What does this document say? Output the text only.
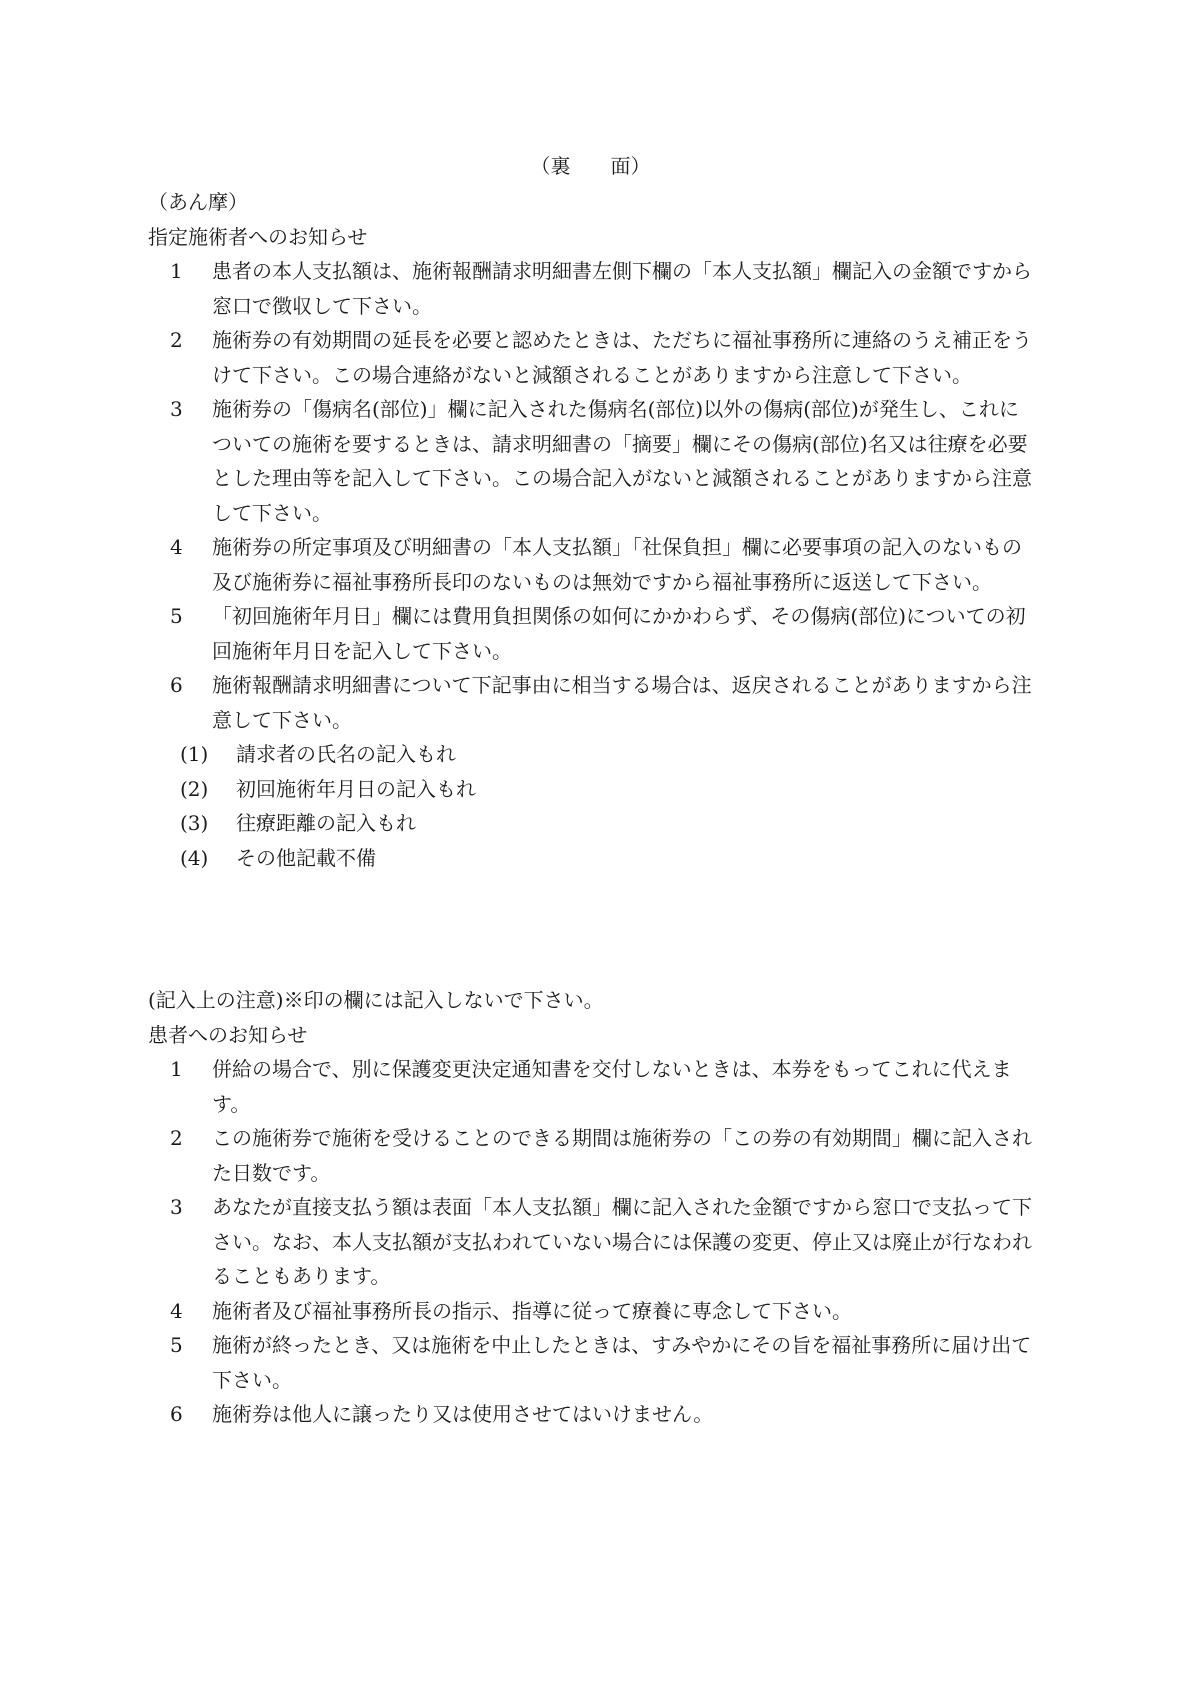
（裏　　面）
（あん摩）
指定施術者へのお知らせ
1	患者の本人支払額は、施術報酬請求明細書左側下欄の「本人支払額」欄記入の金額ですから窓口で徴収して下さい。
2	施術券の有効期間の延長を必要と認めたときは、ただちに福祉事務所に連絡のうえ補正をうけて下さい。この場合連絡がないと減額されることがありますから注意して下さい。
3	施術券の「傷病名(部位)」欄に記入された傷病名(部位)以外の傷病(部位)が発生し、これについての施術を要するときは、請求明細書の「摘要」欄にその傷病(部位)名又は往療を必要とした理由等を記入して下さい。この場合記入がないと減額されることがありますから注意して下さい。
4	施術券の所定事項及び明細書の「本人支払額」「社保負担」欄に必要事項の記入のないもの及び施術券に福祉事務所長印のないものは無効ですから福祉事務所に返送して下さい。
5	「初回施術年月日」欄には費用負担関係の如何にかかわらず、その傷病(部位)についての初回施術年月日を記入して下さい。
6	施術報酬請求明細書について下記事由に相当する場合は、返戻されることがありますから注意して下さい。
(1) 請求者の氏名の記入もれ
(2) 初回施術年月日の記入もれ
(3) 往療距離の記入もれ
(4) その他記載不備
(記入上の注意)※印の欄には記入しないで下さい。
患者へのお知らせ
1	併給の場合で、別に保護変更決定通知書を交付しないときは、本券をもってこれに代えます。
2	この施術券で施術を受けることのできる期間は施術券の「この券の有効期間」欄に記入された日数です。
3	あなたが直接支払う額は表面「本人支払額」欄に記入された金額ですから窓口で支払って下さい。なお、本人支払額が支払われていない場合には保護の変更、停止又は廃止が行なわれることもあります。
4	施術者及び福祉事務所長の指示、指導に従って療養に専念して下さい。
5	施術が終ったとき、又は施術を中止したときは、すみやかにその旨を福祉事務所に届け出て下さい。
6	施術券は他人に譲ったり又は使用させてはいけません。
